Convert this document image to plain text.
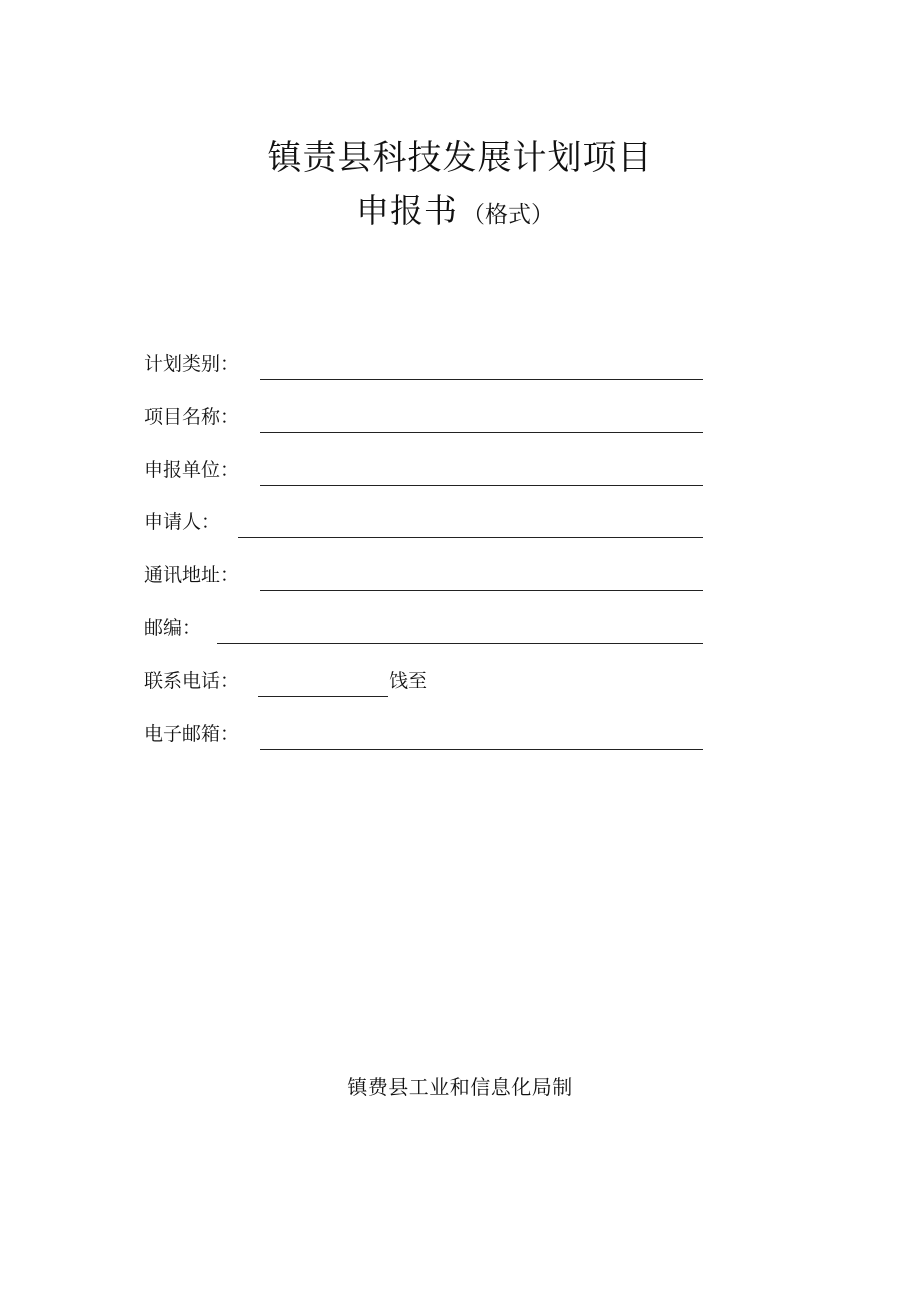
镇责县科技发展计划项目
申报书 （格式）
计划类别：
项目名称：
申报单位：
申请人：
通讯地址：
邮编：
联系电话：	饯至
电子邮箱：
镇费县工业和信息化局制
